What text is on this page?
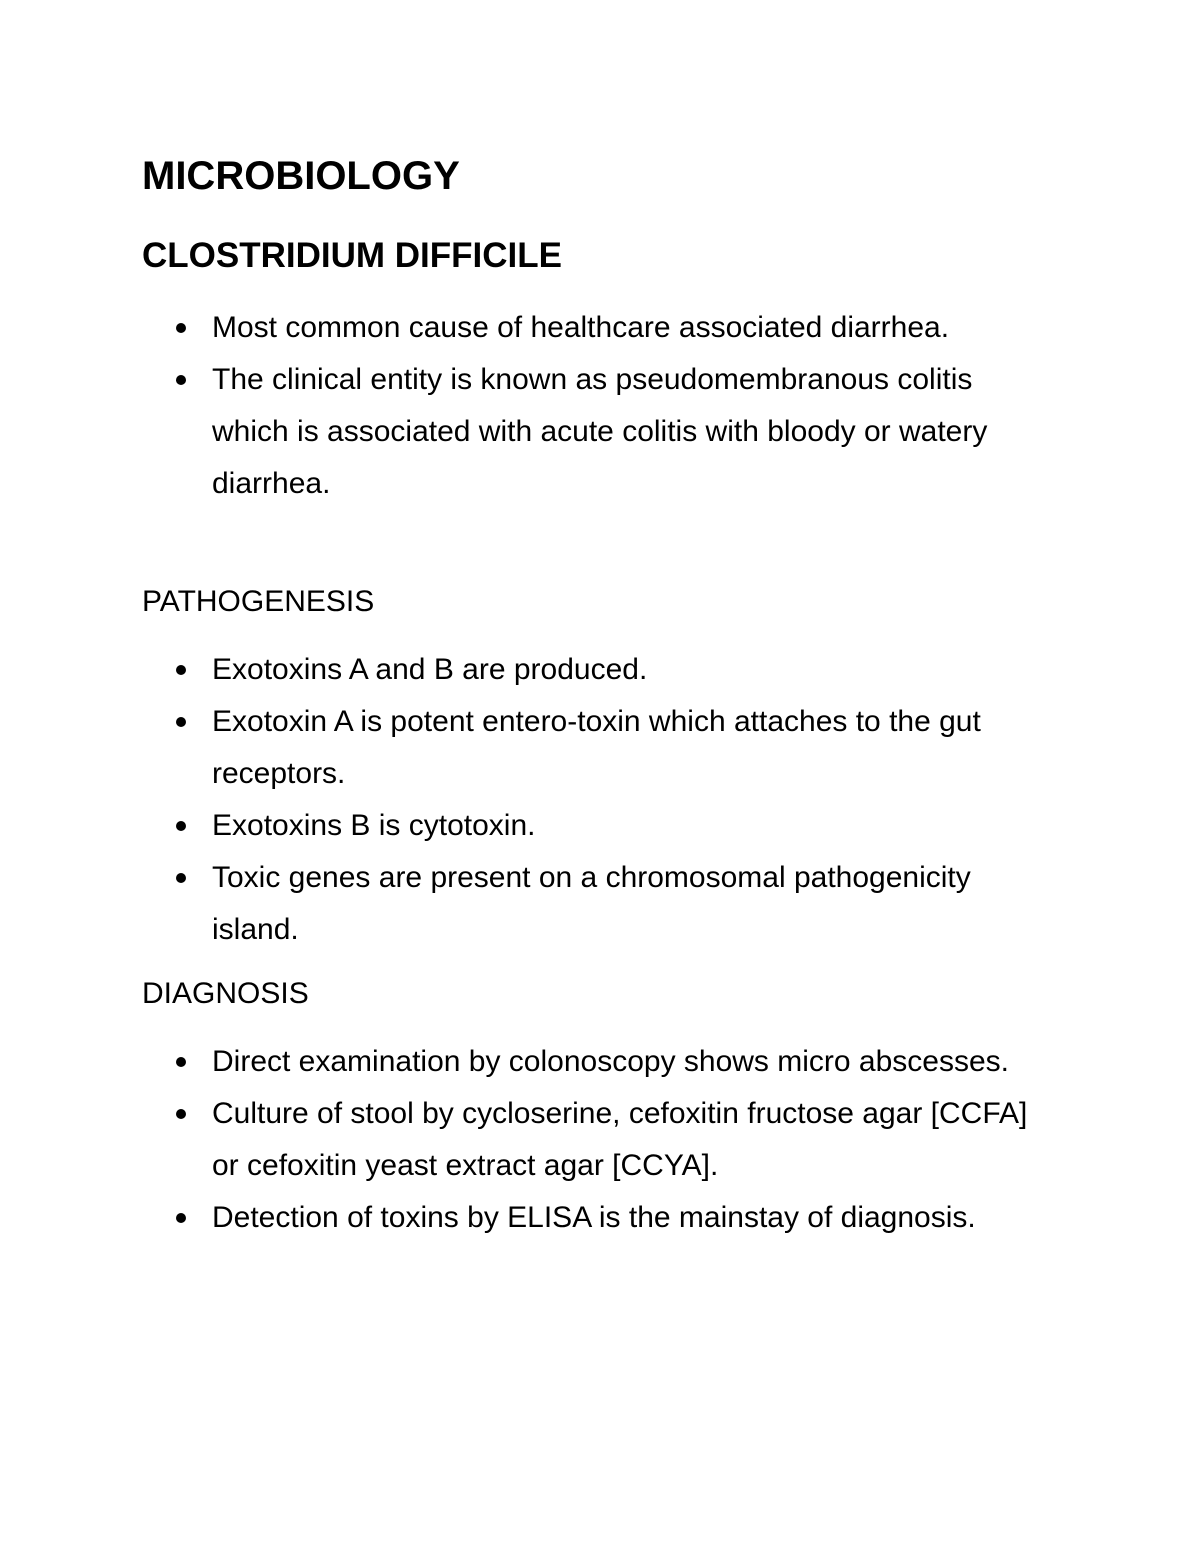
MICROBIOLOGY
CLOSTRIDIUM DIFFICILE
Most common cause of healthcare associated diarrhea.
The clinical entity is known as pseudomembranous colitis which is associated with acute colitis with bloody or watery diarrhea.
PATHOGENESIS
Exotoxins A and B are produced.
Exotoxin A is potent entero-toxin which attaches to the gut receptors.
Exotoxins B is cytotoxin.
Toxic genes are present on a chromosomal pathogenicity island.
DIAGNOSIS
Direct examination by colonoscopy shows micro abscesses.
Culture of stool by cycloserine, cefoxitin fructose agar [CCFA] or cefoxitin yeast extract agar [CCYA].
Detection of toxins by ELISA is the mainstay of diagnosis.
